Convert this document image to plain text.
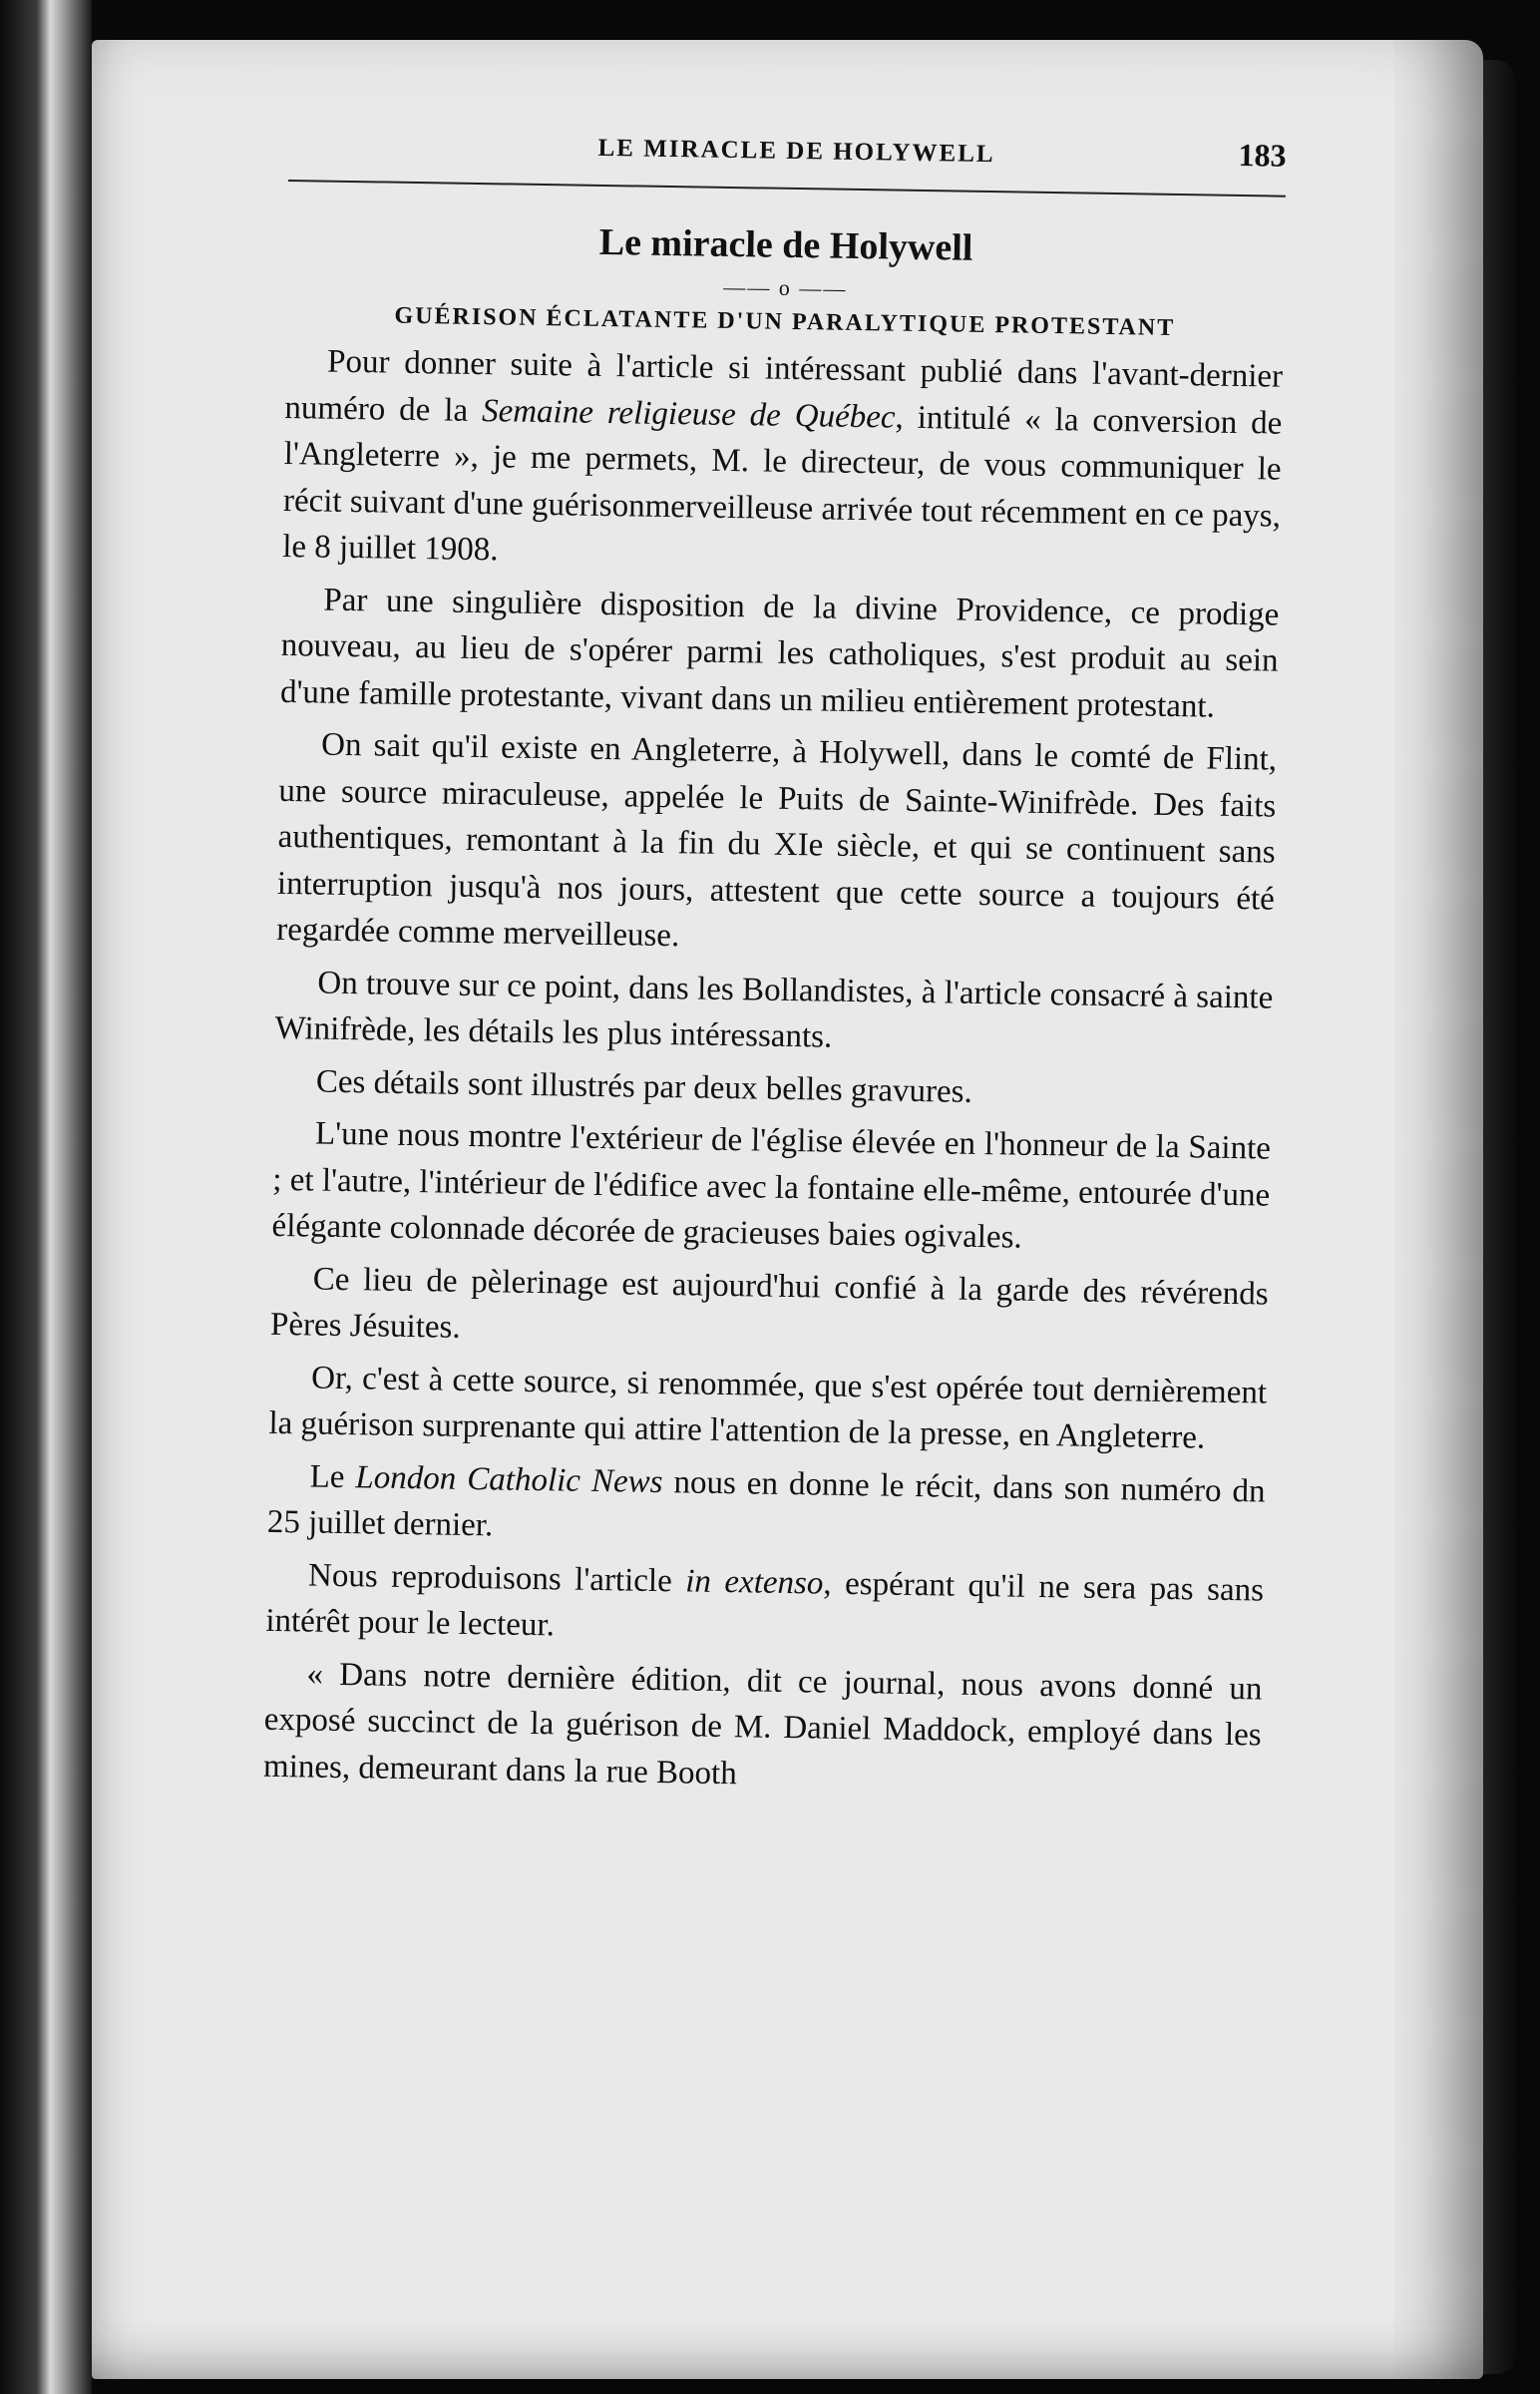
LE MIRACLE DE HOLYWELL	183
Le miracle de Holywell
—— o ——
GUÉRISON ÉCLATANTE D'UN PARALYTIQUE PROTESTANT

Pour donner suite à l'article si intéressant publié dans l'avant-dernier numéro de la Semaine religieuse de Québec, intitulé « la conversion de l'Angleterre », je me permets, M. le directeur, de vous communiquer le récit suivant d'une guérisonmerveilleuse arrivée tout récemment en ce pays, le 8 juillet 1908.

Par une singulière disposition de la divine Providence, ce prodige nouveau, au lieu de s'opérer parmi les catholiques, s'est produit au sein d'une famille protestante, vivant dans un milieu entièrement protestant.

On sait qu'il existe en Angleterre, à Holywell, dans le comté de Flint, une source miraculeuse, appelée le Puits de Sainte-Winifrède. Des faits authentiques, remontant à la fin du XIe siècle, et qui se continuent sans interruption jusqu'à nos jours, attestent que cette source a toujours été regardée comme merveilleuse.

On trouve sur ce point, dans les Bollandistes, à l'article consacré à sainte Winifrède, les détails les plus intéressants.

Ces détails sont illustrés par deux belles gravures.

L'une nous montre l'extérieur de l'église élevée en l'honneur de la Sainte ; et l'autre, l'intérieur de l'édifice avec la fontaine elle-même, entourée d'une élégante colonnade décorée de gracieuses baies ogivales.

Ce lieu de pèlerinage est aujourd'hui confié à la garde des révérends Pères Jésuites.

Or, c'est à cette source, si renommée, que s'est opérée tout dernièrement la guérison surprenante qui attire l'attention de la presse, en Angleterre.

Le London Catholic News nous en donne le récit, dans son numéro dn 25 juillet dernier.

Nous reproduisons l'article in extenso, espérant qu'il ne sera pas sans intérêt pour le lecteur.

« Dans notre dernière édition, dit ce journal, nous avons donné un exposé succinct de la guérison de M. Daniel Maddock, employé dans les mines, demeurant dans la rue Booth
